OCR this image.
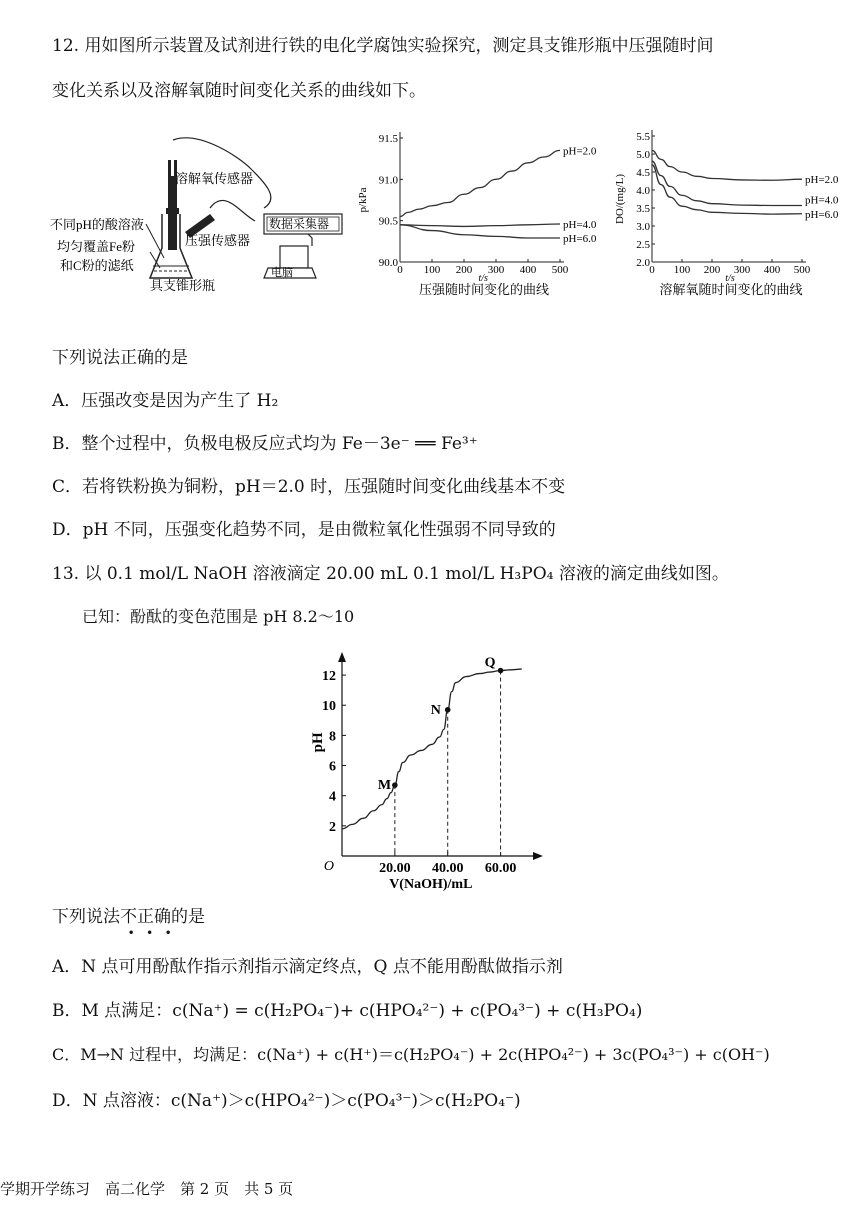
12. 用如图所示装置及试剂进行铁的电化学腐蚀实验探究，测定具支锥形瓶中压强随时间
变化关系以及溶解氧随时间变化关系的曲线如下。
溶解氧传感器
不同pH的酸溶液
均匀覆盖Fe粉
和C粉的滤纸
压强传感器
数据采集器
电脑
具支锥形瓶
0 100 200 300 400 500
90.0
90.5
91.0
91.5
t/s
p/kPa
pH=2.0
pH=4.0
pH=6.0
压强随时间变化的曲线
0 100 200 300 400 500
2.0
2.5
3.0
3.5
4.0
4.5
5.0
5.5
t/s
DO/(mg/L)	pH=2.0
pH=4.0
pH=6.0
溶解氧随时间变化的曲线
下列说法正确的是
A．压强改变是因为产生了 H₂
B．整个过程中，负极电极反应式均为 Fe－3e⁻ ══ Fe³⁺
C．若将铁粉换为铜粉，pH＝2.0 时，压强随时间变化曲线基本不变
D．pH 不同，压强变化趋势不同，是由微粒氧化性强弱不同导致的
13. 以 0.1 mol/L NaOH 溶液滴定 20.00 mL 0.1 mol/L H₃PO₄ 溶液的滴定曲线如图。
已知：酚酞的变色范围是 pH 8.2～10
O
2
4
6
8
10
12
20.00 40.00 60.00
V(NaOH)/mL
pH
M
N
Q
下列说法不正确
•   •   •
的是
A．N 点可用酚酞作指示剂指示滴定终点，Q 点不能用酚酞做指示剂
B．M 点满足：c(Na⁺) = c(H₂PO₄⁻)+ c(HPO₄²⁻) + c(PO₄³⁻) + c(H₃PO₄)
C．M→N 过程中，均满足：c(Na⁺) + c(H⁺)＝c(H₂PO₄⁻) + 2c(HPO₄²⁻) + 3c(PO₄³⁻) + c(OH⁻)
D．N 点溶液：c(Na⁺)＞c(HPO₄²⁻)＞c(PO₄³⁻)＞c(H₂PO₄⁻)
学期开学练习　高二化学　第 2 页　共 5 页
